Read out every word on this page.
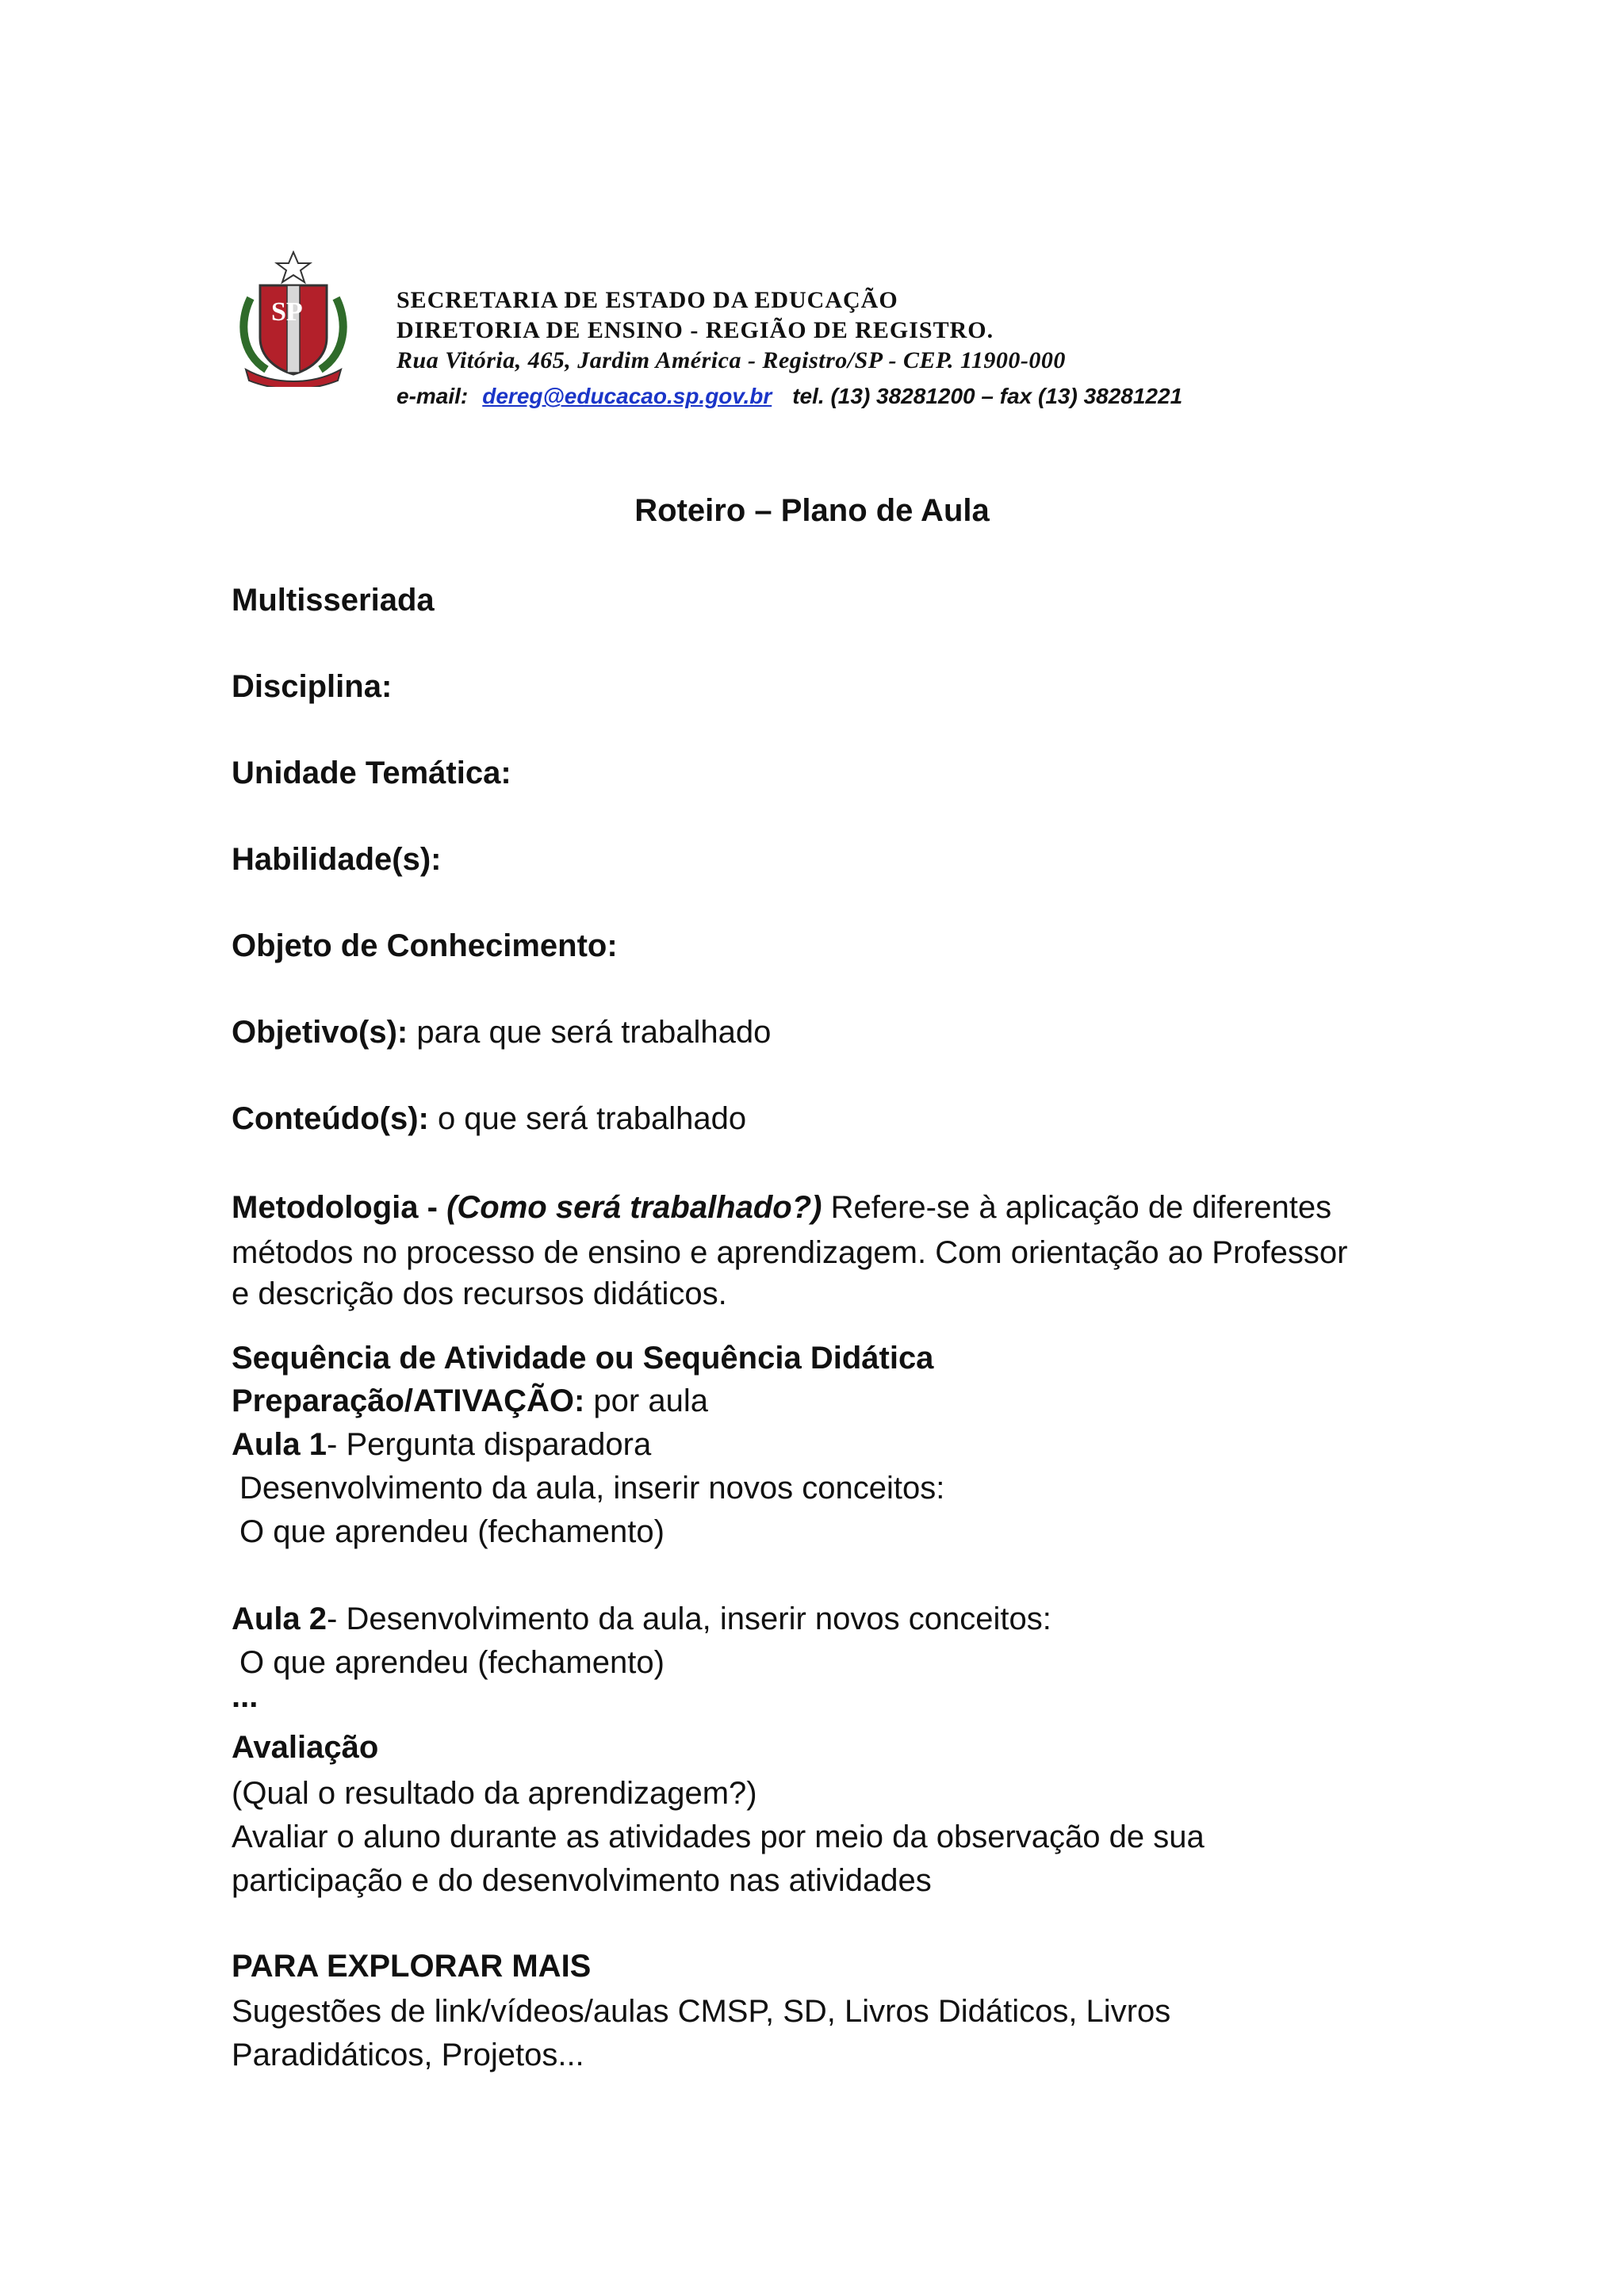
SP	SECRETARIA DE ESTADO DA EDUCAÇÃO
DIRETORIA DE ENSINO - REGIÃO DE REGISTRO.
Rua Vitória, 465, Jardim América - Registro/SP - CEP. 11900-000
e-mail: dereg@educacao.sp.gov.br tel. (13) 38281200 – fax (13) 38281221
Roteiro – Plano de Aula
Multisseriada
Disciplina:
Unidade Temática:
Habilidade(s):
Objeto de Conhecimento:
Objetivo(s): para que será trabalhado
Conteúdo(s): o que será trabalhado
Metodologia - (Como será trabalhado?) Refere-se à aplicação de diferentes
métodos no processo de ensino e aprendizagem. Com orientação ao Professor
e descrição dos recursos didáticos.
Sequência de Atividade ou Sequência Didática
Preparação/ATIVAÇÃO: por aula
Aula 1- Pergunta disparadora
Desenvolvimento da aula, inserir novos conceitos:
O que aprendeu (fechamento)
Aula 2- Desenvolvimento da aula, inserir novos conceitos:
O que aprendeu (fechamento)
...
Avaliação
(Qual o resultado da aprendizagem?)
Avaliar o aluno durante as atividades por meio da observação de sua
participação e do desenvolvimento nas atividades
PARA EXPLORAR MAIS
Sugestões de link/vídeos/aulas CMSP, SD, Livros Didáticos, Livros
Paradidáticos, Projetos...
